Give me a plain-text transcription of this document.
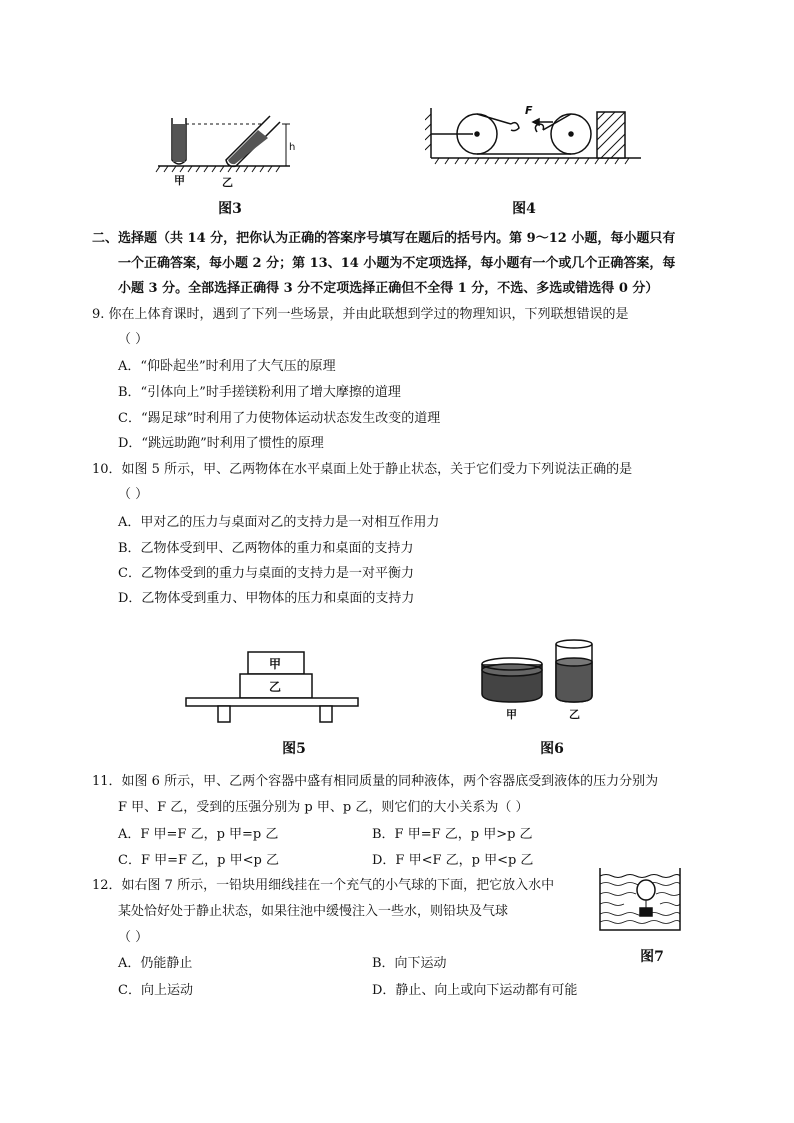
h
甲	乙
图3
F
图4
二、选择题（共 14 分，把你认为正确的答案序号填写在题后的括号内。第 9～12 小题，每小题只有
一个正确答案，每小题 2 分；第 13、14 小题为不定项选择，每小题有一个或几个正确答案，每
小题 3 分。全部选择正确得 3 分不定项选择正确但不全得 1 分，不选、多选或错选得 0 分）
9. 你在上体育课时，遇到了下列一些场景，并由此联想到学过的物理知识，下列联想错误的是
（ ）
A．“仰卧起坐”时利用了大气压的原理
B．“引体向上”时手搓镁粉利用了增大摩擦的道理
C．“踢足球”时利用了力使物体运动状态发生改变的道理
D．“跳远助跑”时利用了惯性的原理
10．如图 5 所示，甲、乙两物体在水平桌面上处于静止状态，关于它们受力下列说法正确的是
（ ）
A．甲对乙的压力与桌面对乙的支持力是一对相互作用力
B．乙物体受到甲、乙两物体的重力和桌面的支持力
C．乙物体受到的重力与桌面的支持力是一对平衡力
D．乙物体受到重力、甲物体的压力和桌面的支持力
甲
乙
图5
甲	乙
图6
11．如图 6 所示，甲、乙两个容器中盛有相同质量的同种液体，两个容器底受到液体的压力分别为
F 甲、F 乙，受到的压强分别为 p 甲、p 乙，则它们的大小关系为（ ）
A．F 甲=F 乙，p 甲=p 乙	B．F 甲=F 乙，p 甲>p 乙
C．F 甲=F 乙，p 甲<p 乙	D．F 甲<F 乙，p 甲<p 乙
12．如右图 7 所示，一铅块用细线挂在一个充气的小气球的下面，把它放入水中
某处恰好处于静止状态，如果往池中缓慢注入一些水，则铅块及气球
（ ）
A．仍能静止	B．向下运动
C．向上运动	D．静止、向上或向下运动都有可能
图7
